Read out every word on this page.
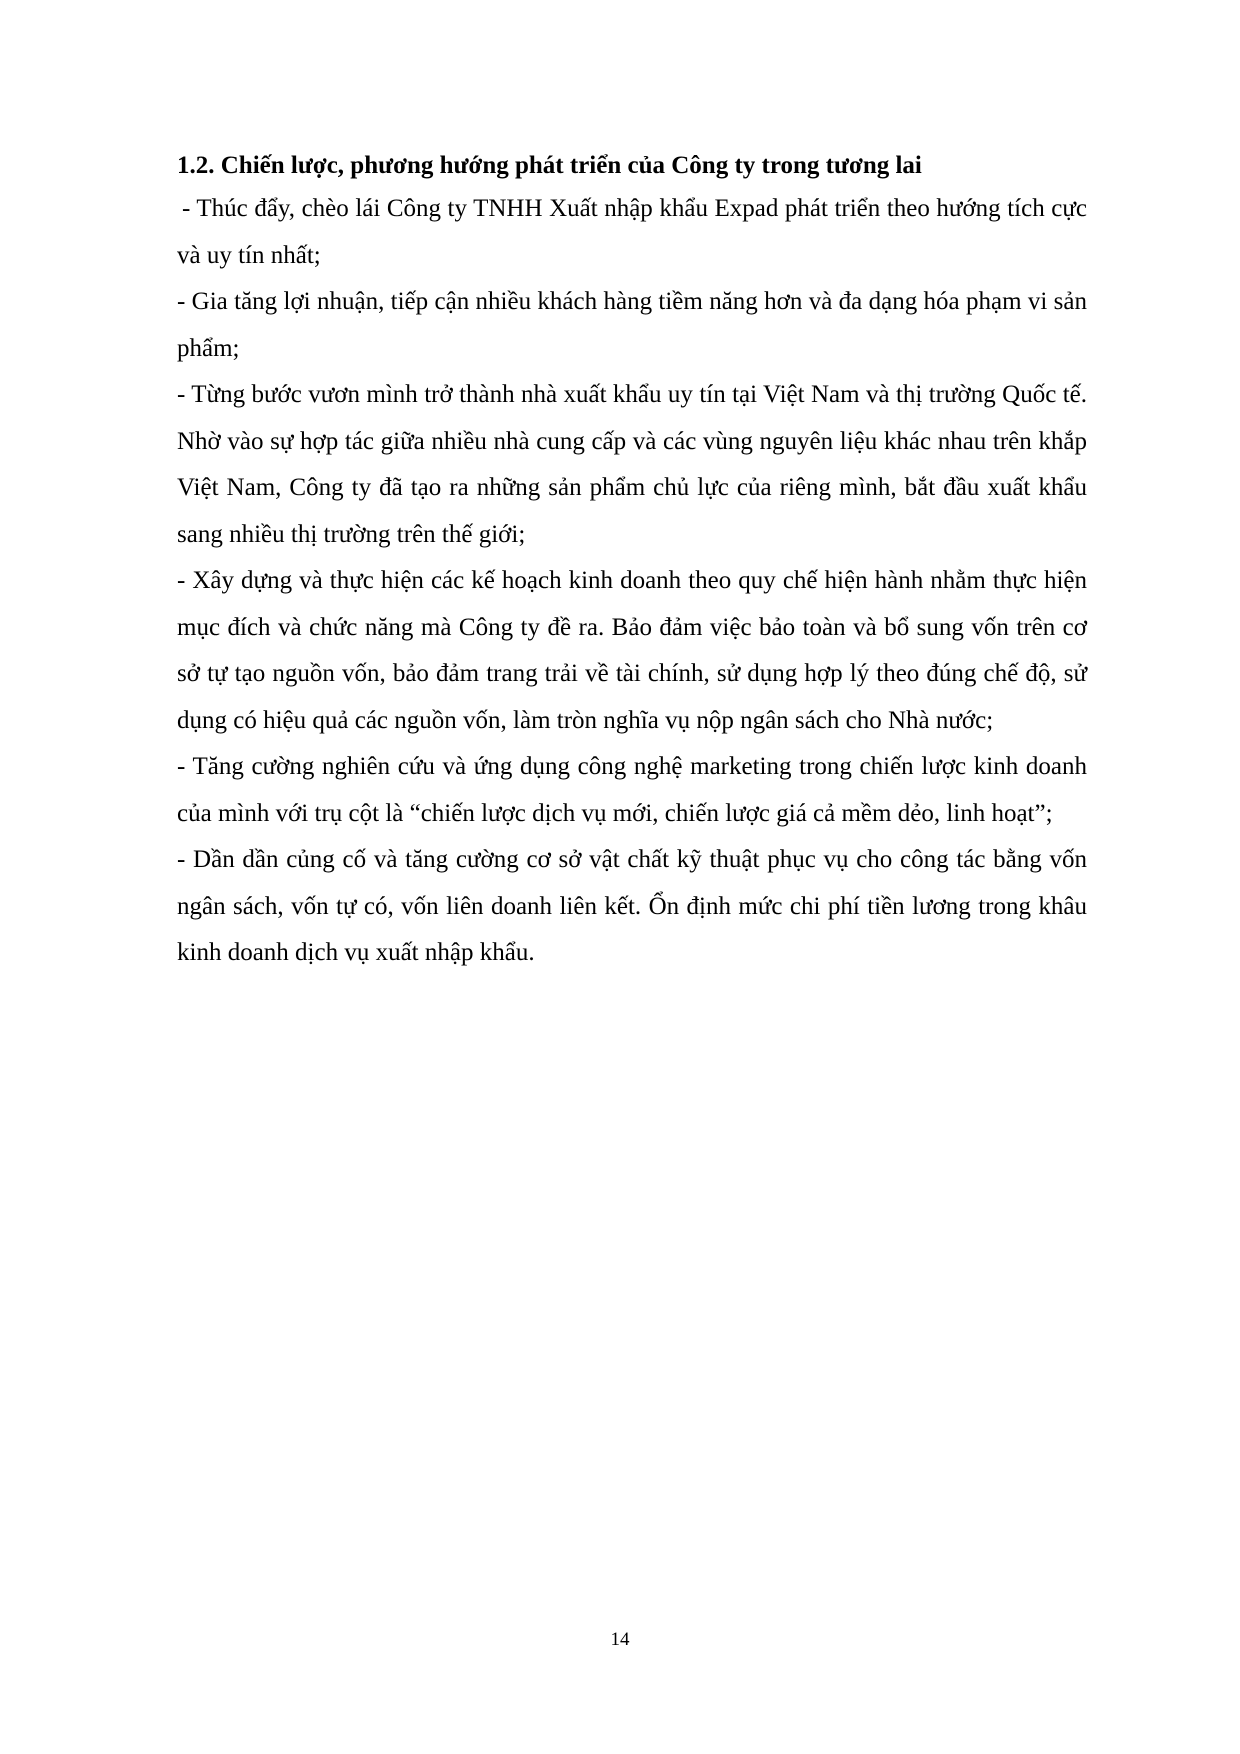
1.2. Chiến lược, phương hướng phát triển của Công ty trong tương lai

- Thúc đẩy, chèo lái Công ty TNHH Xuất nhập khẩu Expad phát triển theo hướng tích cực và uy tín nhất;

- Gia tăng lợi nhuận, tiếp cận nhiều khách hàng tiềm năng hơn và đa dạng hóa phạm vi sản phẩm;

- Từng bước vươn mình trở thành nhà xuất khẩu uy tín tại Việt Nam và thị trường Quốc tế. Nhờ vào sự hợp tác giữa nhiều nhà cung cấp và các vùng nguyên liệu khác nhau trên khắp Việt Nam, Công ty đã tạo ra những sản phẩm chủ lực của riêng mình, bắt đầu xuất khẩu sang nhiều thị trường trên thế giới;

- Xây dựng và thực hiện các kế hoạch kinh doanh theo quy chế hiện hành nhằm thực hiện mục đích và chức năng mà Công ty đề ra. Bảo đảm việc bảo toàn và bổ sung vốn trên cơ sở tự tạo nguồn vốn, bảo đảm trang trải về tài chính, sử dụng hợp lý theo đúng chế độ, sử dụng có hiệu quả các nguồn vốn, làm tròn nghĩa vụ nộp ngân sách cho Nhà nước;

- Tăng cường nghiên cứu và ứng dụng công nghệ marketing trong chiến lược kinh doanh của mình với trụ cột là “chiến lược dịch vụ mới, chiến lược giá cả mềm dẻo, linh hoạt”;

- Dần dần củng cố và tăng cường cơ sở vật chất kỹ thuật phục vụ cho công tác bằng vốn ngân sách, vốn tự có, vốn liên doanh liên kết. Ổn định mức chi phí tiền lương trong khâu kinh doanh dịch vụ xuất nhập khẩu.

14
